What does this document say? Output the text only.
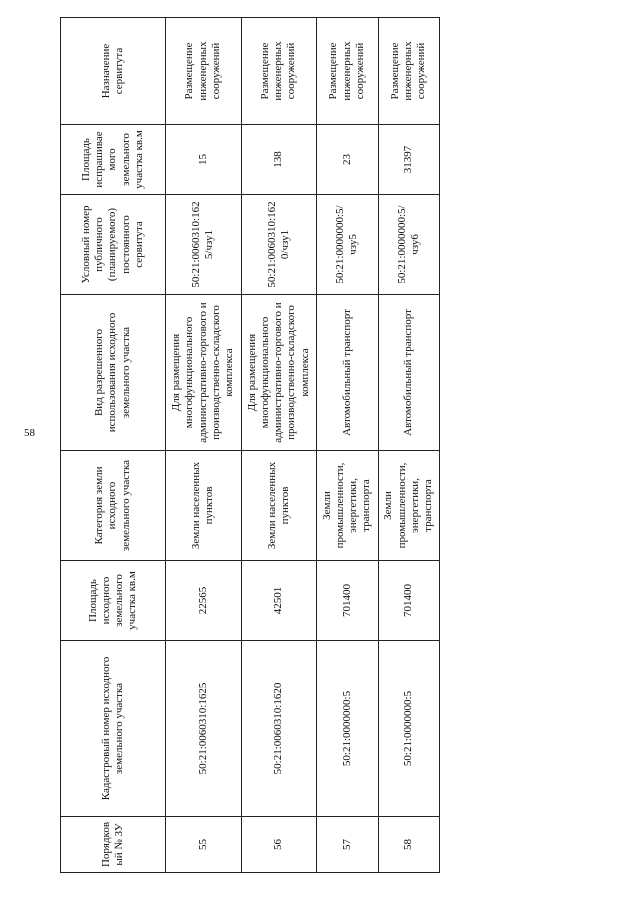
58
Порядковый № ЗУ	Кадастровый номер исходного земельного участка	Площадь исходного земельного участка кв.м	Категория земли исходного земельного участка	Вид разрешенного использования исходного земельного участка	Условный номер публичного (планируемого) постоянного сервитута	Площадь испрашиваемого земельного участка кв.м	Назначение сервитута
55	50:21:0060310:1625	22565	Земли населенных пунктов	Для размещения многофункционального административно-торгового и производственно-складского комплекса	50:21:0060310:1625/чзу1	15	Размещение инженерных сооружений
56	50:21:0060310:1620	42501	Земли населенных пунктов	Для размещения многофункционального административно-торгового и производственно-складского комплекса	50:21:0060310:1620/чзу1	138	Размещение инженерных сооружений
57	50:21:0000000:5	701400	Земли промышленности, энергетики, транспорта	Автомобильный транспорт	50:21:0000000:5/чзу5	23	Размещение инженерных сооружений
58	50:21:0000000:5	701400	Земли промышленности, энергетики, транспорта	Автомобильный транспорт	50:21:0000000:5/чзу6	31397	Размещение инженерных сооружений
